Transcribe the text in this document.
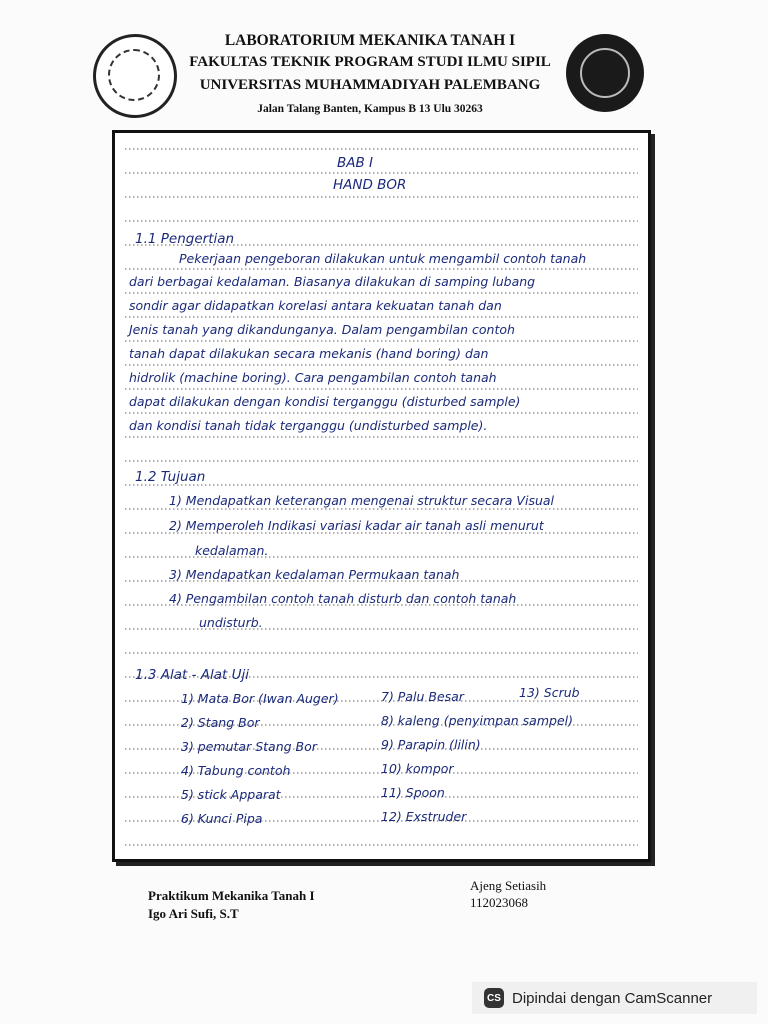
LABORATORIUM MEKANIKA TANAH I
FAKULTAS TEKNIK PROGRAM STUDI ILMU SIPIL
UNIVERSITAS MUHAMMADIYAH PALEMBANG
Jalan Talang Banten, Kampus B 13 Ulu 30263
BAB I
HAND BOR
1.1 Pengertian
Pekerjaan pengeboran dilakukan untuk mengambil contoh tanah
dari berbagai kedalaman. Biasanya dilakukan di samping lubang
sondir agar didapatkan korelasi antara kekuatan tanah dan
Jenis tanah yang dikandunganya. Dalam pengambilan contoh
tanah dapat dilakukan secara mekanis (hand boring) dan
hidrolik (machine boring). Cara pengambilan contoh tanah
dapat dilakukan dengan kondisi terganggu (disturbed sample)
dan kondisi tanah tidak terganggu (undisturbed sample).
1.2 Tujuan
1) Mendapatkan keterangan mengenai struktur secara Visual
2) Memperoleh Indikasi variasi kadar air tanah asli menurut
kedalaman.
3) Mendapatkan kedalaman Permukaan tanah
4) Pengambilan contoh tanah disturb dan contoh tanah
undisturb.
1.3 Alat - Alat Uji
1) Mata Bor (Iwan Auger)
2) Stang Bor
3) pemutar Stang Bor
4) Tabung contoh
5) stick Apparat
6) Kunci Pipa
7) Palu Besar
8) kaleng (penyimpan sampel)
9) Parapin (lilin)
10) kompor
11) Spoon
12) Exstruder
13) Scrub
Praktikum Mekanika Tanah I
Igo Ari Sufi, S.T
Ajeng Setiasih
112023068
CS Dipindai dengan CamScanner
